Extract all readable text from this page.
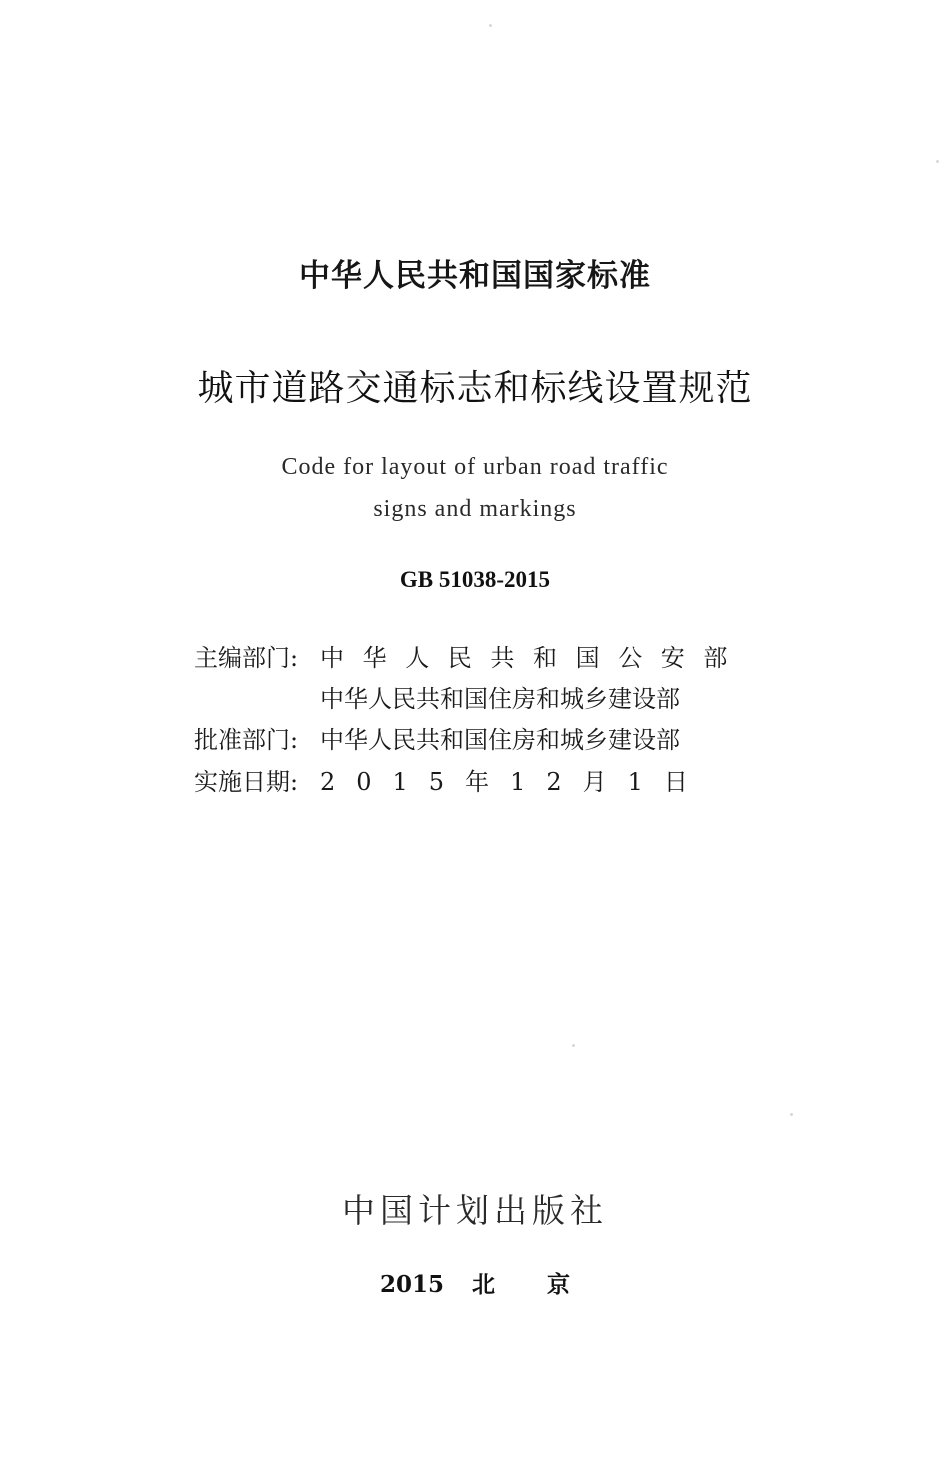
中华人民共和国国家标准
城市道路交通标志和标线设置规范
Code for layout of urban road traffic
signs and markings
GB 51038-2015
主编部门: 中华人民共和国公安部
中华人民共和国住房和城乡建设部
批准部门: 中华人民共和国住房和城乡建设部
实施日期: 2015年12月1日
中国计划出版社
2015 北 京
